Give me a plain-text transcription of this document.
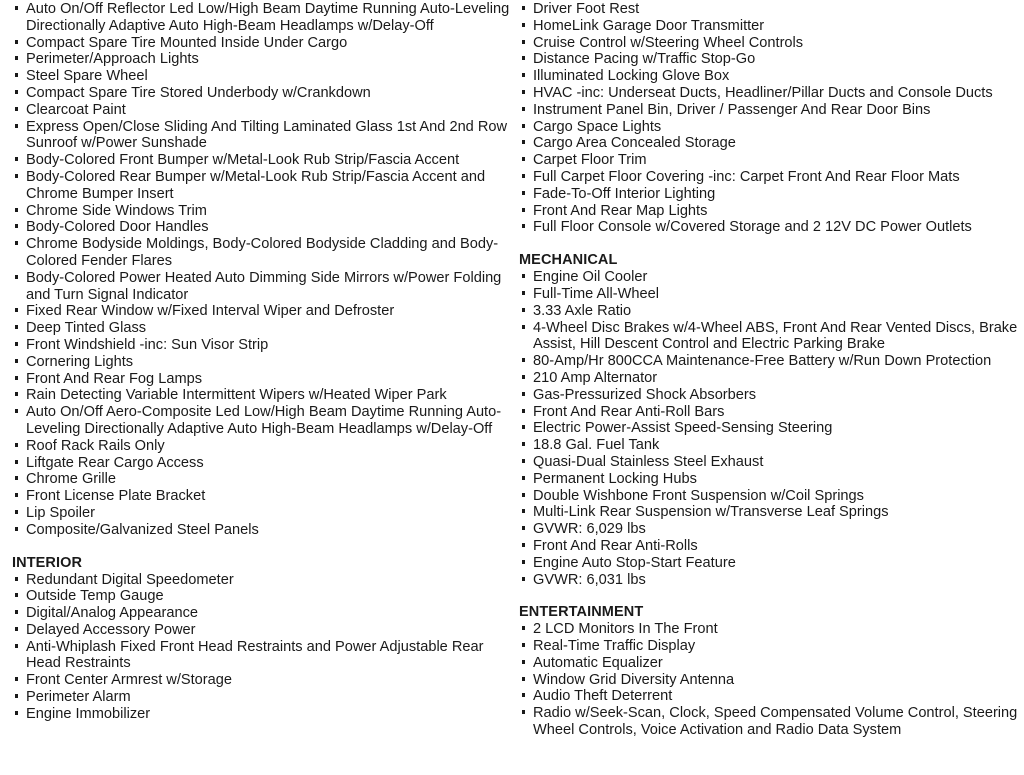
Auto On/Off Reflector Led Low/High Beam Daytime Running Auto-Leveling Directionally Adaptive Auto High-Beam Headlamps w/Delay-Off
Compact Spare Tire Mounted Inside Under Cargo
Perimeter/Approach Lights
Steel Spare Wheel
Compact Spare Tire Stored Underbody w/Crankdown
Clearcoat Paint
Express Open/Close Sliding And Tilting Laminated Glass 1st And 2nd Row Sunroof w/Power Sunshade
Body-Colored Front Bumper w/Metal-Look Rub Strip/Fascia Accent
Body-Colored Rear Bumper w/Metal-Look Rub Strip/Fascia Accent and Chrome Bumper Insert
Chrome Side Windows Trim
Body-Colored Door Handles
Chrome Bodyside Moldings, Body-Colored Bodyside Cladding and Body-Colored Fender Flares
Body-Colored Power Heated Auto Dimming Side Mirrors w/Power Folding and Turn Signal Indicator
Fixed Rear Window w/Fixed Interval Wiper and Defroster
Deep Tinted Glass
Front Windshield -inc: Sun Visor Strip
Cornering Lights
Front And Rear Fog Lamps
Rain Detecting Variable Intermittent Wipers w/Heated Wiper Park
Auto On/Off Aero-Composite Led Low/High Beam Daytime Running Auto-Leveling Directionally Adaptive Auto High-Beam Headlamps w/Delay-Off
Roof Rack Rails Only
Liftgate Rear Cargo Access
Chrome Grille
Front License Plate Bracket
Lip Spoiler
Composite/Galvanized Steel Panels
INTERIOR
Redundant Digital Speedometer
Outside Temp Gauge
Digital/Analog Appearance
Delayed Accessory Power
Anti-Whiplash Fixed Front Head Restraints and Power Adjustable Rear Head Restraints
Front Center Armrest w/Storage
Perimeter Alarm
Engine Immobilizer
Driver Foot Rest
HomeLink Garage Door Transmitter
Cruise Control w/Steering Wheel Controls
Distance Pacing w/Traffic Stop-Go
Illuminated Locking Glove Box
HVAC -inc: Underseat Ducts, Headliner/Pillar Ducts and Console Ducts
Instrument Panel Bin, Driver / Passenger And Rear Door Bins
Cargo Space Lights
Cargo Area Concealed Storage
Carpet Floor Trim
Full Carpet Floor Covering -inc: Carpet Front And Rear Floor Mats
Fade-To-Off Interior Lighting
Front And Rear Map Lights
Full Floor Console w/Covered Storage and 2 12V DC Power Outlets
MECHANICAL
Engine Oil Cooler
Full-Time All-Wheel
3.33 Axle Ratio
4-Wheel Disc Brakes w/4-Wheel ABS, Front And Rear Vented Discs, Brake Assist, Hill Descent Control and Electric Parking Brake
80-Amp/Hr 800CCA Maintenance-Free Battery w/Run Down Protection
210 Amp Alternator
Gas-Pressurized Shock Absorbers
Front And Rear Anti-Roll Bars
Electric Power-Assist Speed-Sensing Steering
18.8 Gal. Fuel Tank
Quasi-Dual Stainless Steel Exhaust
Permanent Locking Hubs
Double Wishbone Front Suspension w/Coil Springs
Multi-Link Rear Suspension w/Transverse Leaf Springs
GVWR: 6,029 lbs
Front And Rear Anti-Rolls
Engine Auto Stop-Start Feature
GVWR: 6,031 lbs
ENTERTAINMENT
2 LCD Monitors In The Front
Real-Time Traffic Display
Automatic Equalizer
Window Grid Diversity Antenna
Audio Theft Deterrent
Radio w/Seek-Scan, Clock, Speed Compensated Volume Control, Steering Wheel Controls, Voice Activation and Radio Data System
